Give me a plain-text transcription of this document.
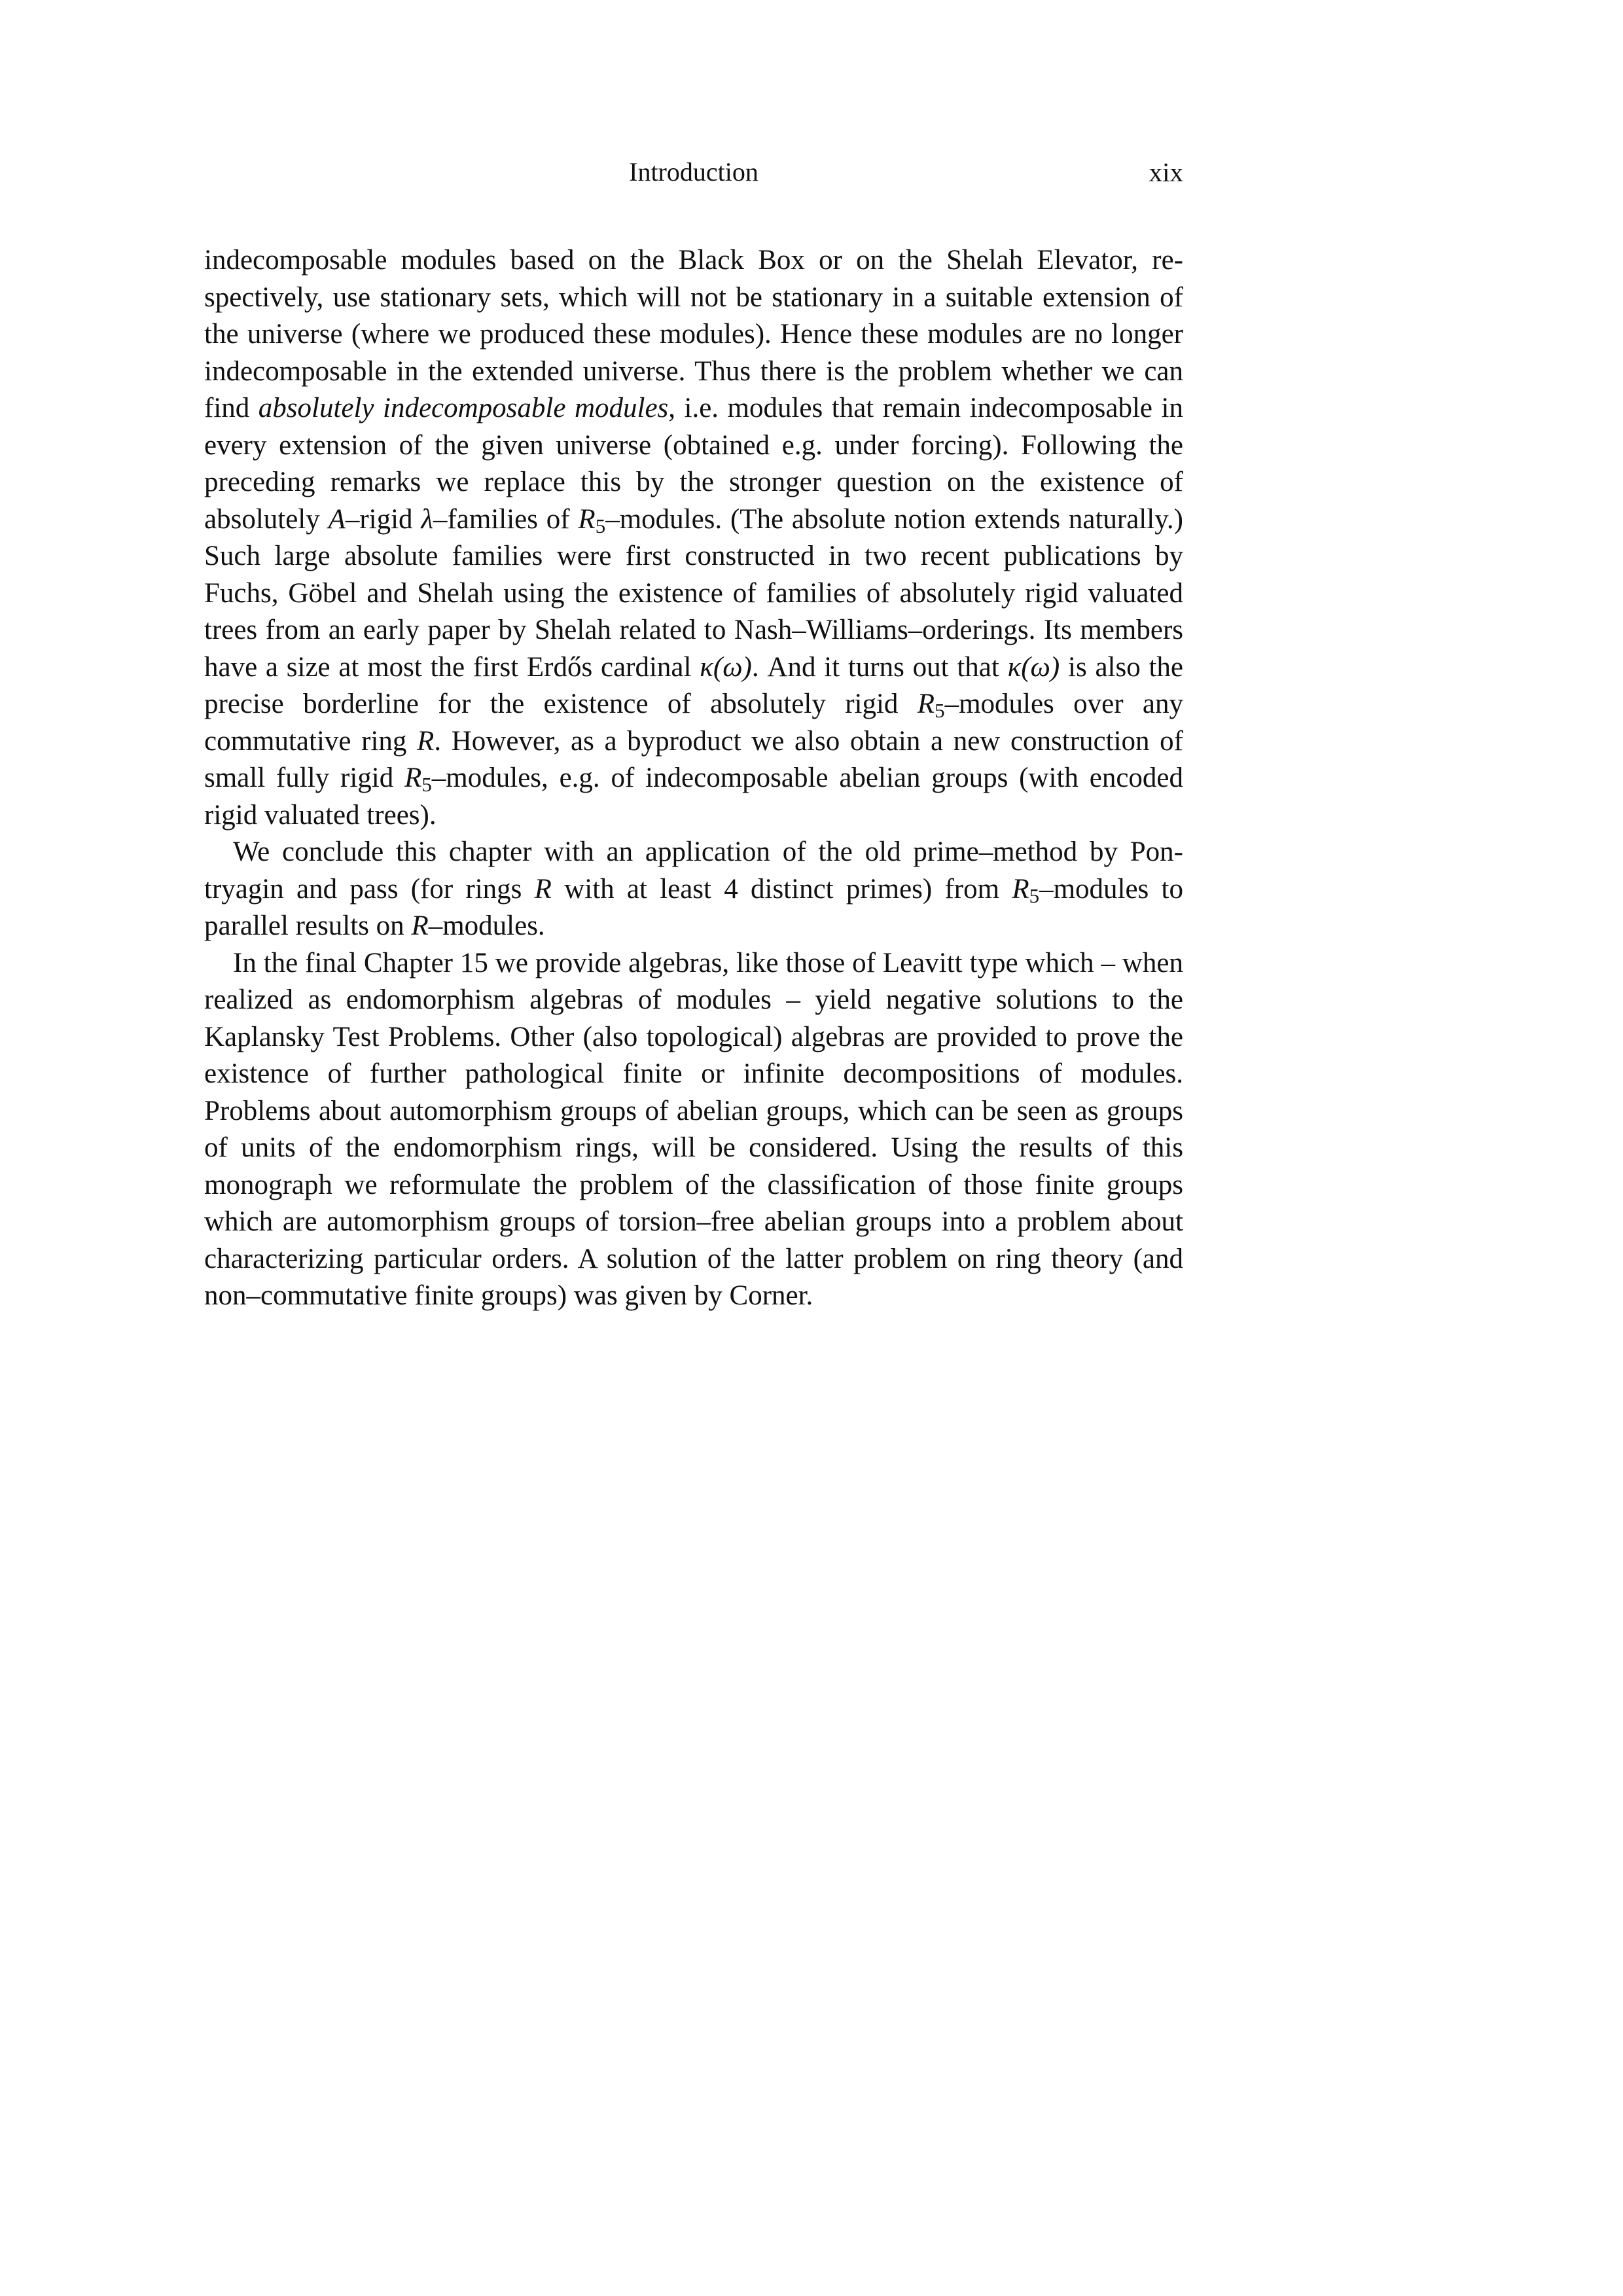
Introduction	xix

indecomposable modules based on the Black Box or on the Shelah Elevator, respectively, use stationary sets, which will not be stationary in a suitable extension of the universe (where we produced these modules). Hence these modules are no longer indecomposable in the extended universe. Thus there is the problem whether we can find absolutely indecomposable modules, i.e. modules that remain indecomposable in every extension of the given universe (obtained e.g. under forcing). Following the preceding remarks we replace this by the stronger question on the existence of absolutely A–rigid λ–families of $R_5$–modules. (The absolute notion extends naturally.) Such large absolute families were first constructed in two recent publications by Fuchs, Göbel and Shelah using the existence of families of absolutely rigid valuated trees from an early paper by Shelah related to Nash–Williams–orderings. Its members have a size at most the first Erdős cardinal κ(ω). And it turns out that κ(ω) is also the precise borderline for the existence of absolutely rigid $R_5$–modules over any commutative ring R. However, as a byproduct we also obtain a new construction of small fully rigid $R_5$–modules, e.g. of indecomposable abelian groups (with encoded rigid valuated trees).

We conclude this chapter with an application of the old prime–method by Pontryagin and pass (for rings R with at least 4 distinct primes) from $R_5$–modules to parallel results on R–modules.

In the final Chapter 15 we provide algebras, like those of Leavitt type which – when realized as endomorphism algebras of modules – yield negative solutions to the Kaplansky Test Problems. Other (also topological) algebras are provided to prove the existence of further pathological finite or infinite decompositions of modules. Problems about automorphism groups of abelian groups, which can be seen as groups of units of the endomorphism rings, will be considered. Using the results of this monograph we reformulate the problem of the classification of those finite groups which are automorphism groups of torsion–free abelian groups into a problem about characterizing particular orders. A solution of the latter problem on ring theory (and non–commutative finite groups) was given by Corner.
